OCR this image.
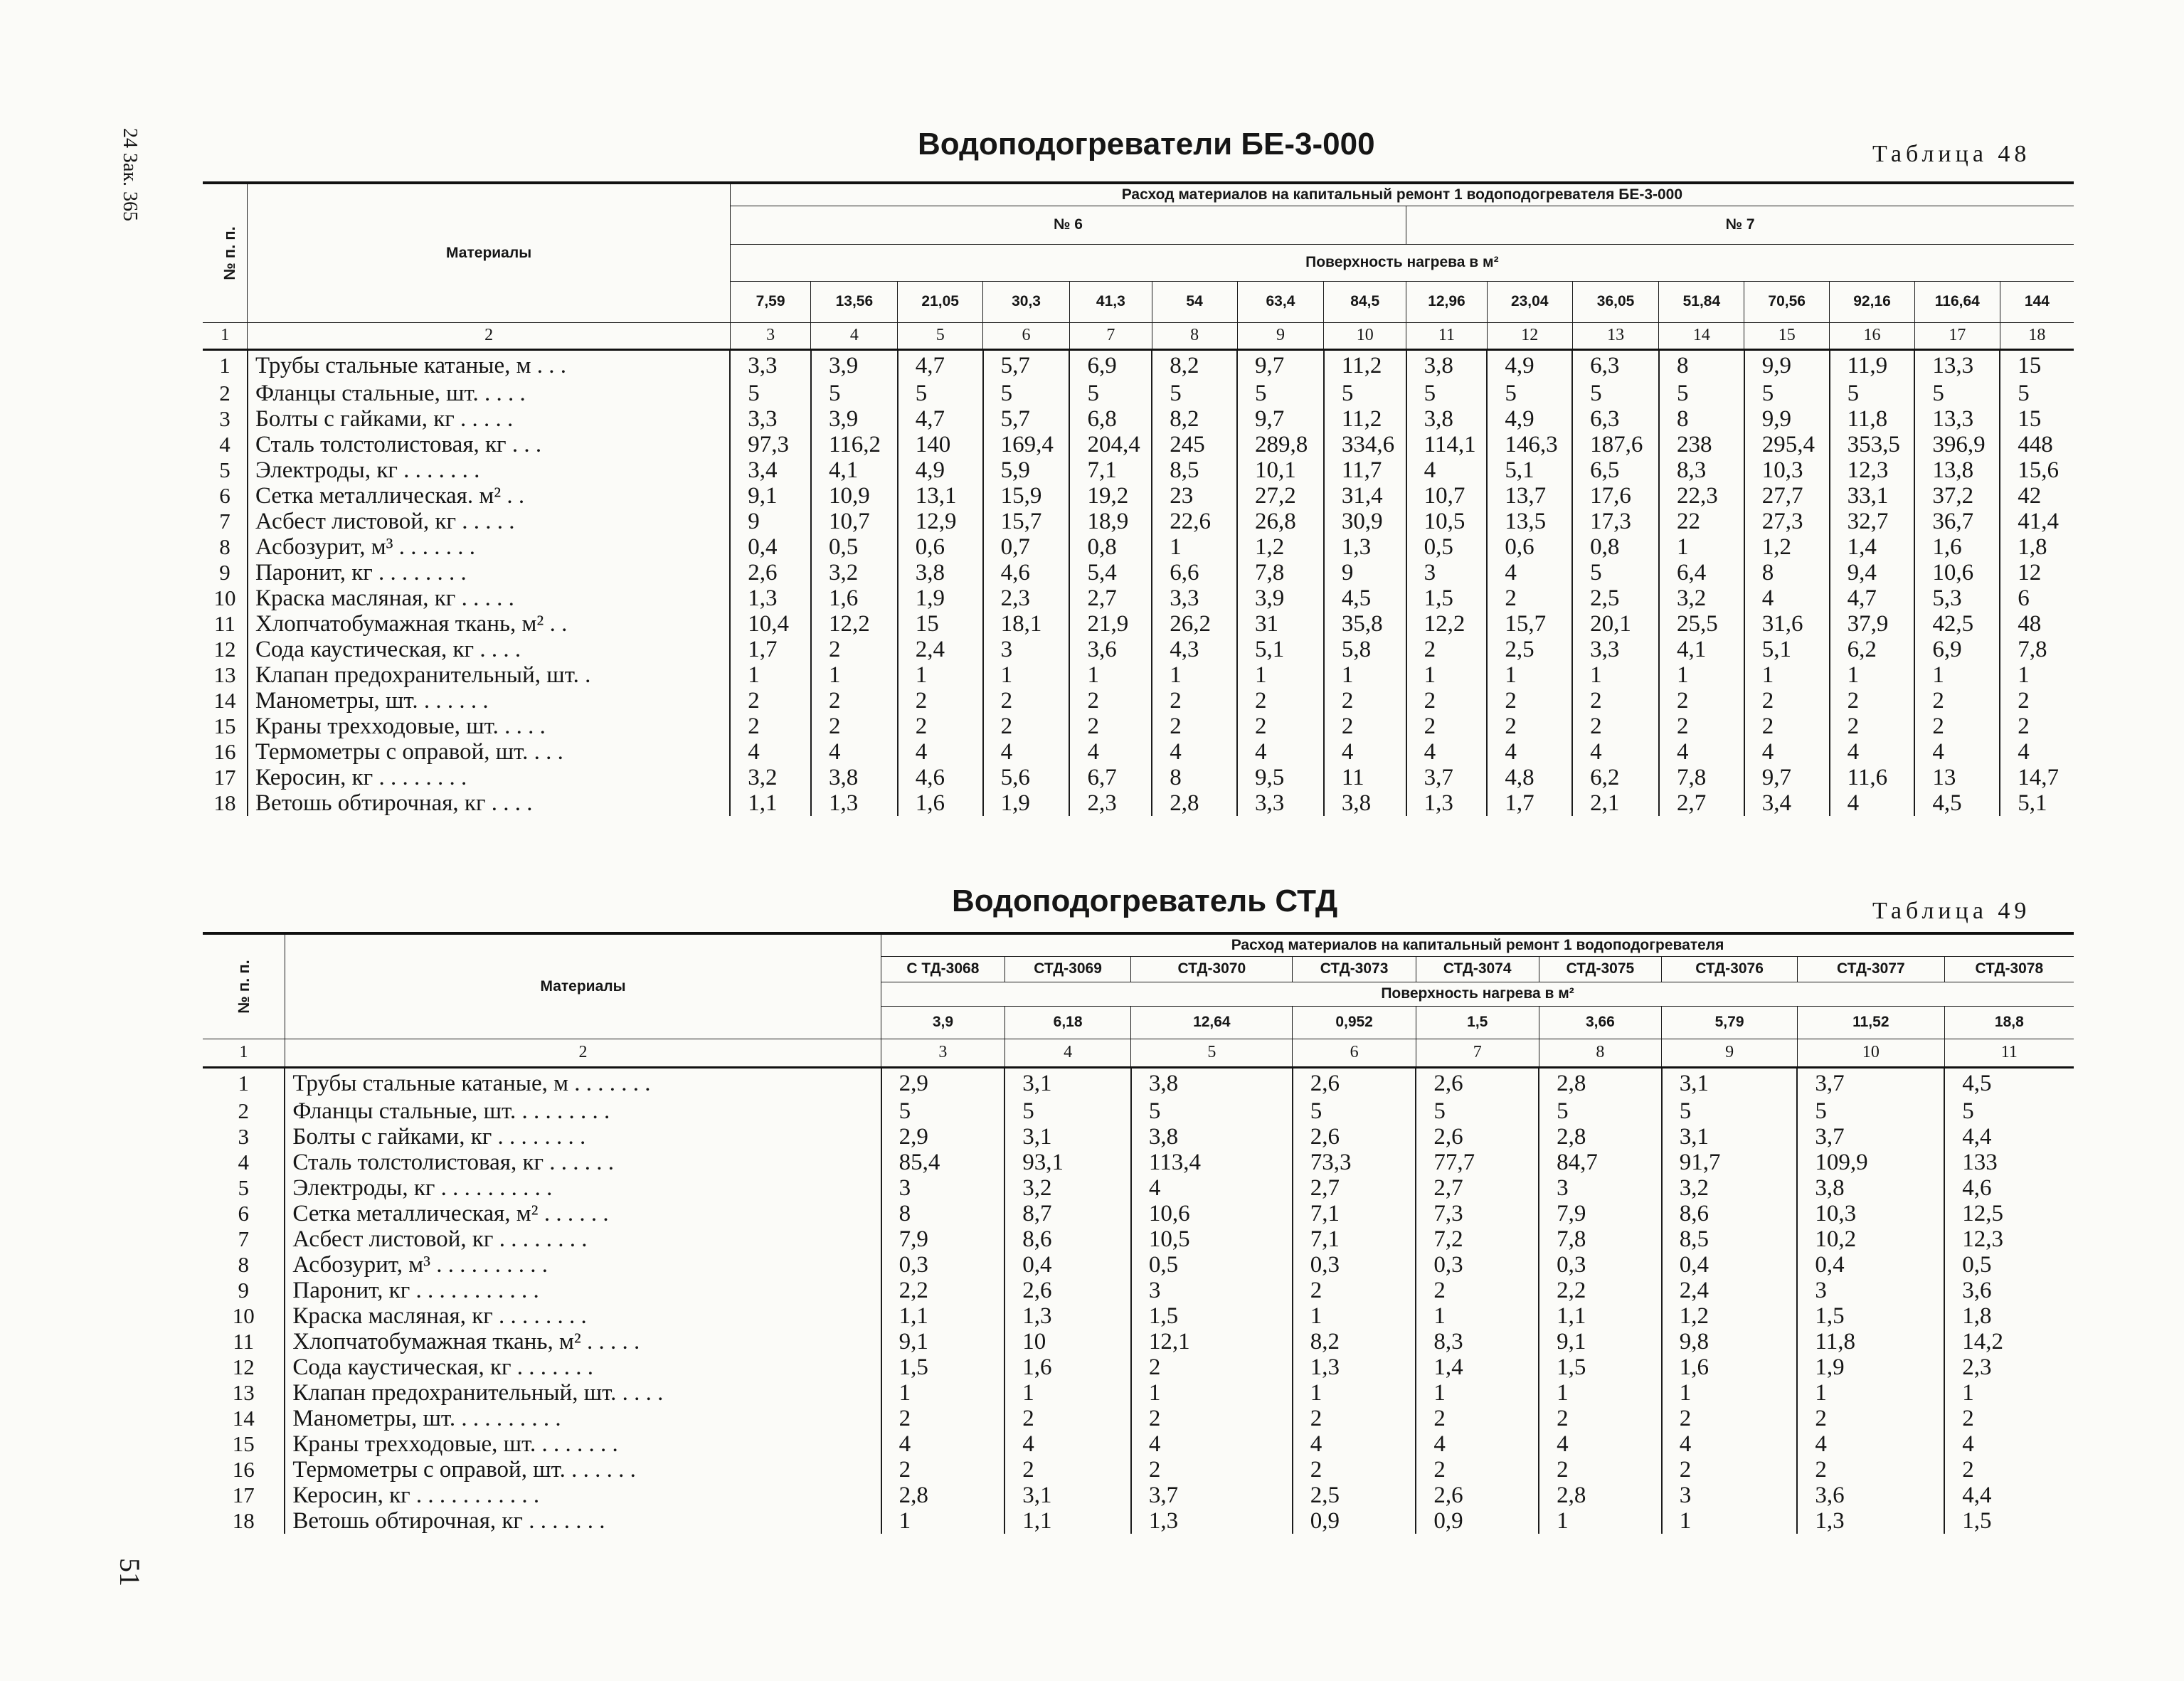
24 Зак. 365
51
Водоподогреватели БЕ-3-000	Таблица 48
№ п. п.	Материалы	Расход материалов на капитальный ремонт 1 водоподогревателя БЕ-3-000															
		№ 6								№ 7							
		Поверхность нагрева в м²															
		7,59	13,56	21,05	30,3	41,3	54	63,4	84,5	12,96	23,04	36,05	51,84	70,56	92,16	116,64	144
1	2	3	4	5	6	7	8	9	10	11	12	13	14	15	16	17	18
1	Трубы стальные катаные, м . . .	3,3	3,9	4,7	5,7	6,9	8,2	9,7	11,2	3,8	4,9	6,3	8	9,9	11,9	13,3	15
2	Фланцы стальные, шт. . . . .	5	5	5	5	5	5	5	5	5	5	5	5	5	5	5	5
3	Болты с гайками, кг . . . . .	3,3	3,9	4,7	5,7	6,8	8,2	9,7	11,2	3,8	4,9	6,3	8	9,9	11,8	13,3	15
4	Сталь толстолистовая, кг . . .	97,3	116,2	140	169,4	204,4	245	289,8	334,6	114,1	146,3	187,6	238	295,4	353,5	396,9	448
5	Электроды, кг . . . . . . .	3,4	4,1	4,9	5,9	7,1	8,5	10,1	11,7	4	5,1	6,5	8,3	10,3	12,3	13,8	15,6
6	Сетка металлическая. м² . .	9,1	10,9	13,1	15,9	19,2	23	27,2	31,4	10,7	13,7	17,6	22,3	27,7	33,1	37,2	42
7	Асбест листовой, кг . . . . .	9	10,7	12,9	15,7	18,9	22,6	26,8	30,9	10,5	13,5	17,3	22	27,3	32,7	36,7	41,4
8	Асбозурит, м³ . . . . . . .	0,4	0,5	0,6	0,7	0,8	1	1,2	1,3	0,5	0,6	0,8	1	1,2	1,4	1,6	1,8
9	Паронит, кг . . . . . . . .	2,6	3,2	3,8	4,6	5,4	6,6	7,8	9	3	4	5	6,4	8	9,4	10,6	12
10	Краска масляная, кг . . . . .	1,3	1,6	1,9	2,3	2,7	3,3	3,9	4,5	1,5	2	2,5	3,2	4	4,7	5,3	6
11	Хлопчатобумажная ткань, м² . .	10,4	12,2	15	18,1	21,9	26,2	31	35,8	12,2	15,7	20,1	25,5	31,6	37,9	42,5	48
12	Сода каустическая, кг . . . .	1,7	2	2,4	3	3,6	4,3	5,1	5,8	2	2,5	3,3	4,1	5,1	6,2	6,9	7,8
13	Клапан предохранительный, шт. .	1	1	1	1	1	1	1	1	1	1	1	1	1	1	1	1
14	Манометры, шт. . . . . . .	2	2	2	2	2	2	2	2	2	2	2	2	2	2	2	2
15	Краны трехходовые, шт. . . . .	2	2	2	2	2	2	2	2	2	2	2	2	2	2	2	2
16	Термометры с оправой, шт. . . .	4	4	4	4	4	4	4	4	4	4	4	4	4	4	4	4
17	Керосин, кг . . . . . . . .	3,2	3,8	4,6	5,6	6,7	8	9,5	11	3,7	4,8	6,2	7,8	9,7	11,6	13	14,7
18	Ветошь обтирочная, кг . . . .	1,1	1,3	1,6	1,9	2,3	2,8	3,3	3,8	1,3	1,7	2,1	2,7	3,4	4	4,5	5,1
Водоподогреватель СТД	Таблица 49
№ п. п.	Материалы	Расход материалов на капитальный ремонт 1 водоподогревателя								
		С ТД-3068	СТД-3069	СТД-3070	СТД-3073	СТД-3074	СТД-3075	СТД-3076	СТД-3077	СТД-3078
		Поверхность нагрева в м²								
		3,9	6,18	12,64	0,952	1,5	3,66	5,79	11,52	18,8
1	2	3	4	5	6	7	8	9	10	11
1	Трубы стальные катаные, м . . . . . . .	2,9	3,1	3,8	2,6	2,6	2,8	3,1	3,7	4,5
2	Фланцы стальные, шт. . . . . . . . .	5	5	5	5	5	5	5	5	5
3	Болты с гайками, кг . . . . . . . .	2,9	3,1	3,8	2,6	2,6	2,8	3,1	3,7	4,4
4	Сталь толстолистовая, кг . . . . . .	85,4	93,1	113,4	73,3	77,7	84,7	91,7	109,9	133
5	Электроды, кг . . . . . . . . . .	3	3,2	4	2,7	2,7	3	3,2	3,8	4,6
6	Сетка металлическая, м² . . . . . .	8	8,7	10,6	7,1	7,3	7,9	8,6	10,3	12,5
7	Асбест листовой, кг . . . . . . . .	7,9	8,6	10,5	7,1	7,2	7,8	8,5	10,2	12,3
8	Асбозурит, м³ . . . . . . . . . .	0,3	0,4	0,5	0,3	0,3	0,3	0,4	0,4	0,5
9	Паронит, кг . . . . . . . . . . .	2,2	2,6	3	2	2	2,2	2,4	3	3,6
10	Краска масляная, кг . . . . . . . .	1,1	1,3	1,5	1	1	1,1	1,2	1,5	1,8
11	Хлопчатобумажная ткань, м² . . . . .	9,1	10	12,1	8,2	8,3	9,1	9,8	11,8	14,2
12	Сода каустическая, кг . . . . . . .	1,5	1,6	2	1,3	1,4	1,5	1,6	1,9	2,3
13	Клапан предохранительный, шт. . . . .	1	1	1	1	1	1	1	1	1
14	Манометры, шт. . . . . . . . . .	2	2	2	2	2	2	2	2	2
15	Краны трехходовые, шт. . . . . . . .	4	4	4	4	4	4	4	4	4
16	Термометры с оправой, шт. . . . . . .	2	2	2	2	2	2	2	2	2
17	Керосин, кг . . . . . . . . . . .	2,8	3,1	3,7	2,5	2,6	2,8	3	3,6	4,4
18	Ветошь обтирочная, кг . . . . . . .	1	1,1	1,3	0,9	0,9	1	1	1,3	1,5
